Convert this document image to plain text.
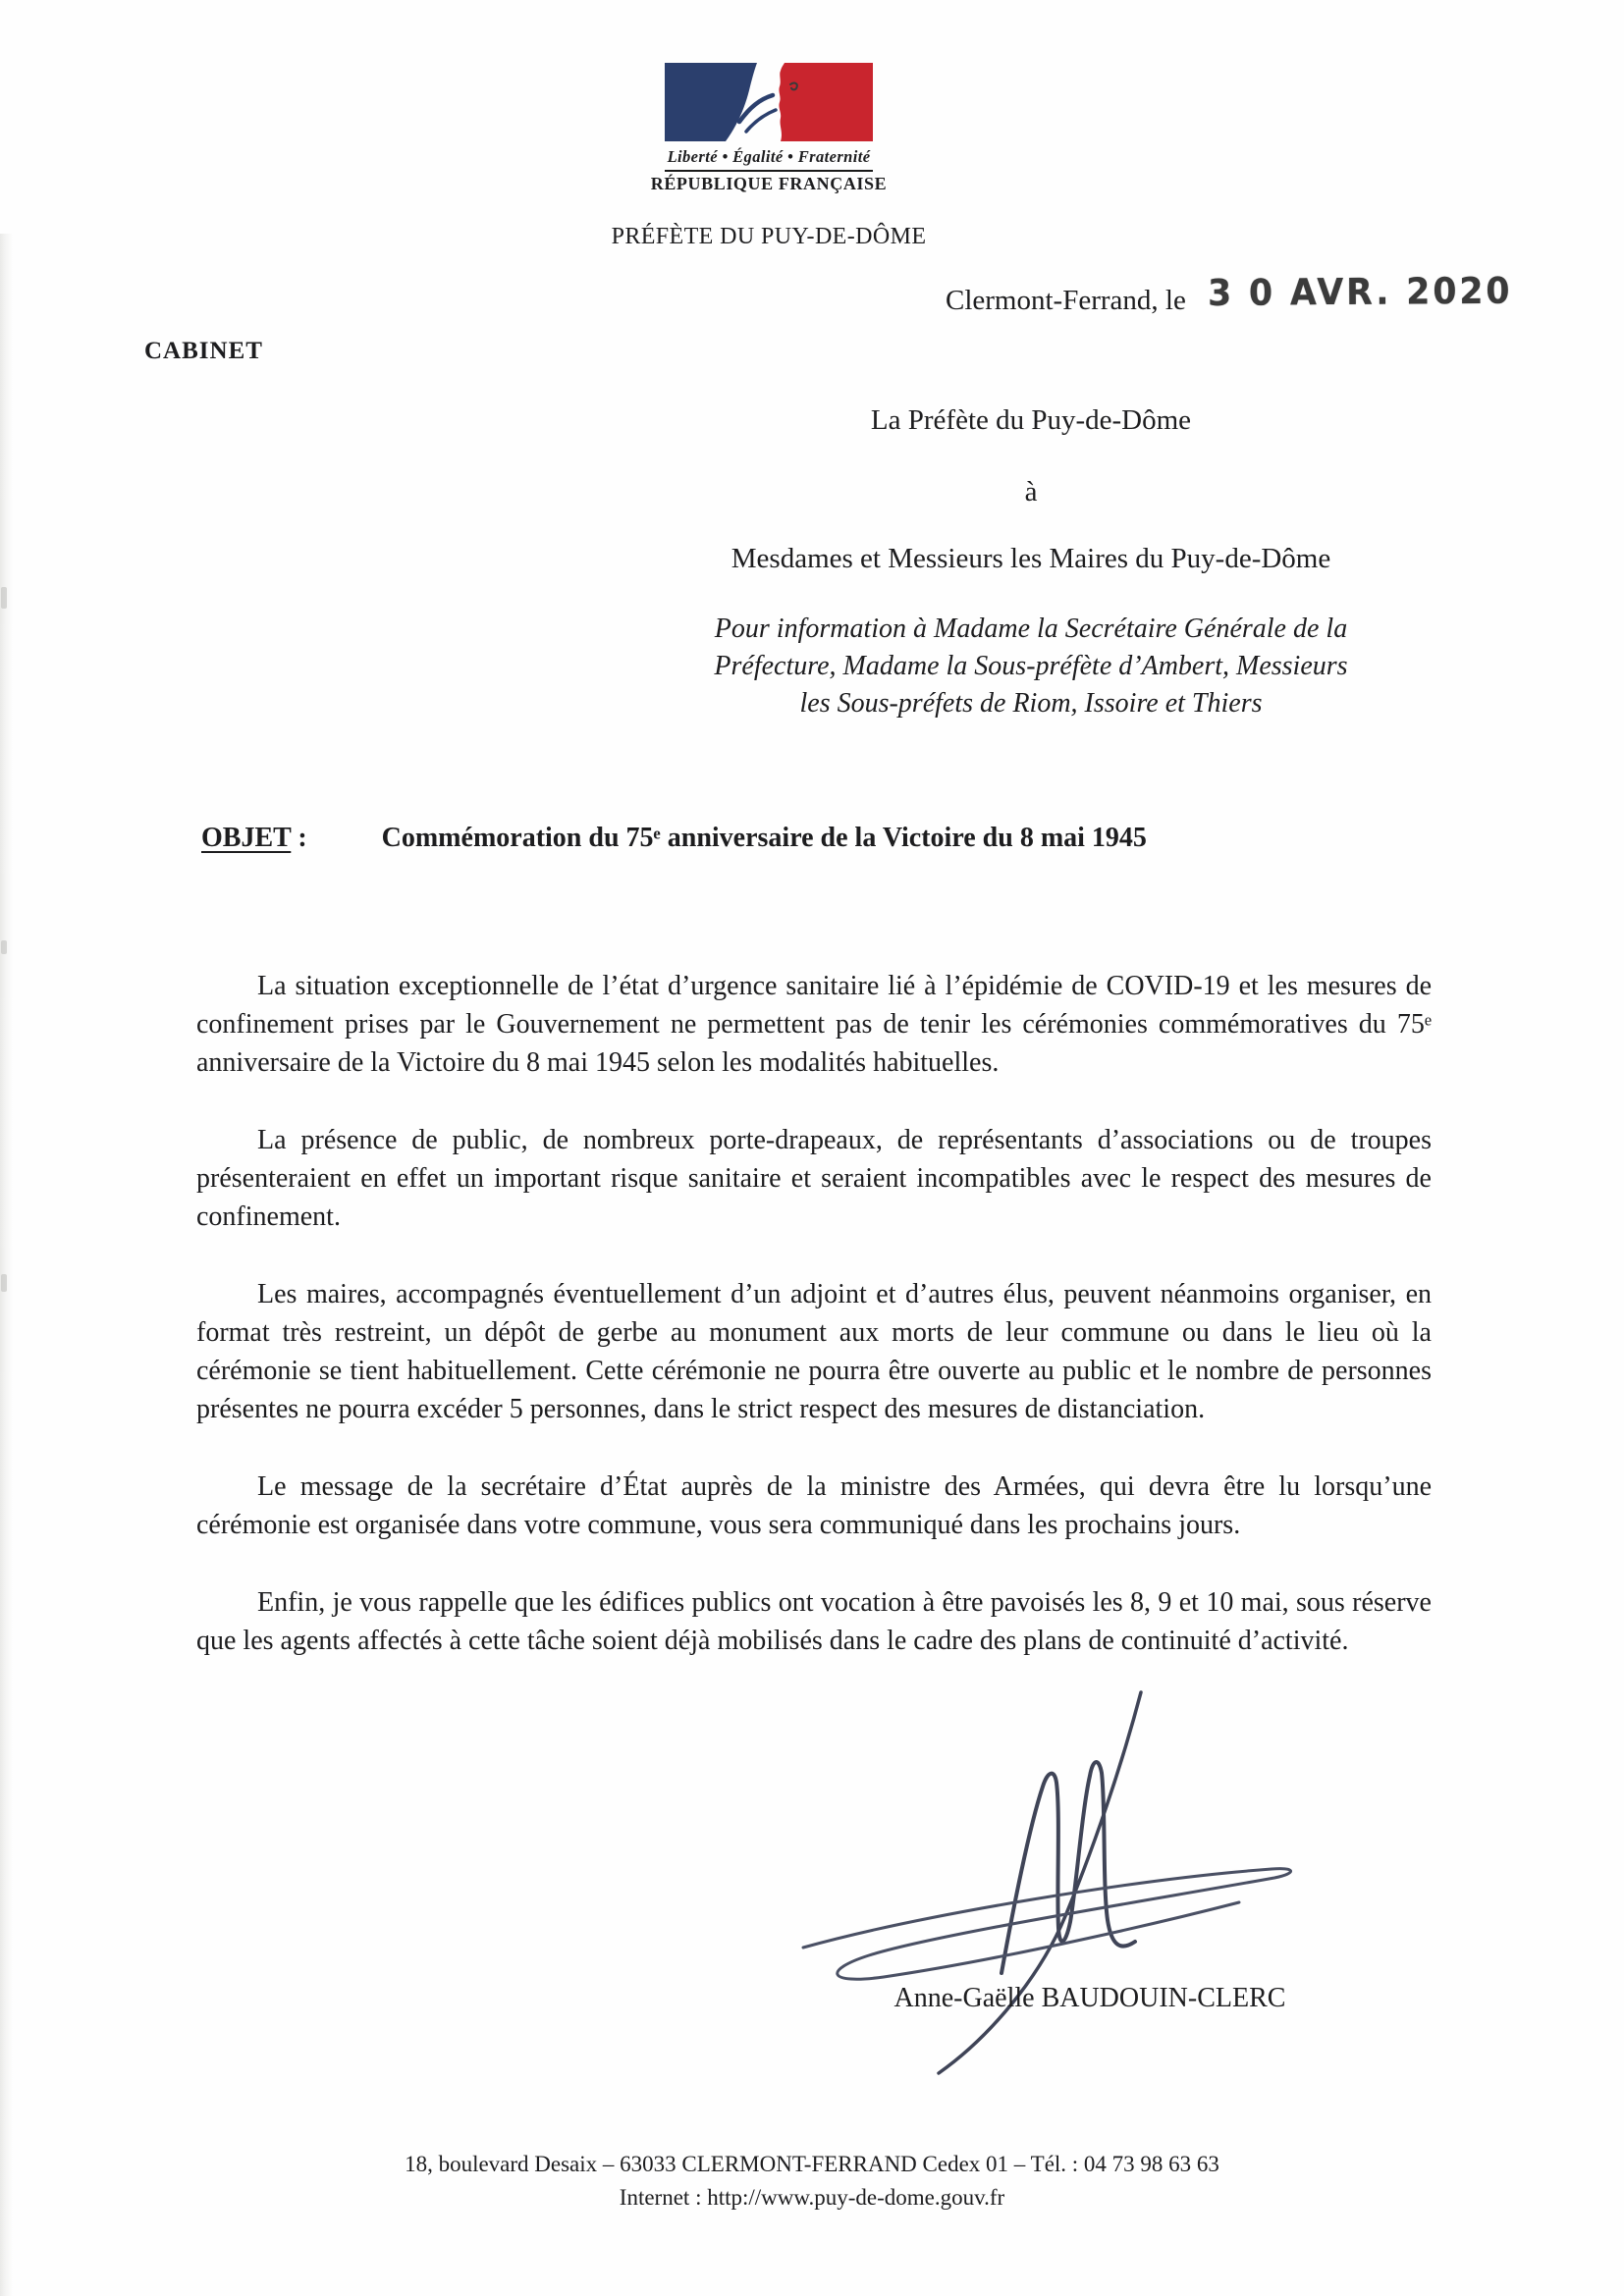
Liberté • Égalité • Fraternité
RÉPUBLIQUE FRANÇAISE
PRÉFÈTE DU PUY-DE-DÔME
Clermont-Ferrand, le 3 0 AVR. 2020
CABINET
La Préfète du Puy-de-Dôme
à
Mesdames et Messieurs les Maires du Puy-de-Dôme
Pour information à Madame la Secrétaire Générale de la
Préfecture, Madame la Sous-préfète d’Ambert, Messieurs
les Sous-préfets de Riom, Issoire et Thiers
OBJET :	Commémoration du 75ᵉ anniversaire de la Victoire du 8 mai 1945

La situation exceptionnelle de l’état d’urgence sanitaire lié à l’épidémie de COVID-19 et les mesures de confinement prises par le Gouvernement ne permettent pas de tenir les cérémonies commémoratives du 75ᵉ anniversaire de la Victoire du 8 mai 1945 selon les modalités habituelles.

La présence de public, de nombreux porte-drapeaux, de représentants d’associations ou de troupes présenteraient en effet un important risque sanitaire et seraient incompatibles avec le respect des mesures de confinement.

Les maires, accompagnés éventuellement d’un adjoint et d’autres élus, peuvent néanmoins organiser, en format très restreint, un dépôt de gerbe au monument aux morts de leur commune ou dans le lieu où la cérémonie se tient habituellement. Cette cérémonie ne pourra être ouverte au public et le nombre de personnes présentes ne pourra excéder 5 personnes, dans le strict respect des mesures de distanciation.

Le message de la secrétaire d’État auprès de la ministre des Armées, qui devra être lu lorsqu’une cérémonie est organisée dans votre commune, vous sera communiqué dans les prochains jours.

Enfin, je vous rappelle que les édifices publics ont vocation à être pavoisés les 8, 9 et 10 mai, sous réserve que les agents affectés à cette tâche soient déjà mobilisés dans le cadre des plans de continuité d’activité.

Anne-Gaëlle BAUDOUIN-CLERC
18, boulevard Desaix – 63033 CLERMONT-FERRAND Cedex 01 – Tél. : 04 73 98 63 63
Internet : http://www.puy-de-dome.gouv.fr
